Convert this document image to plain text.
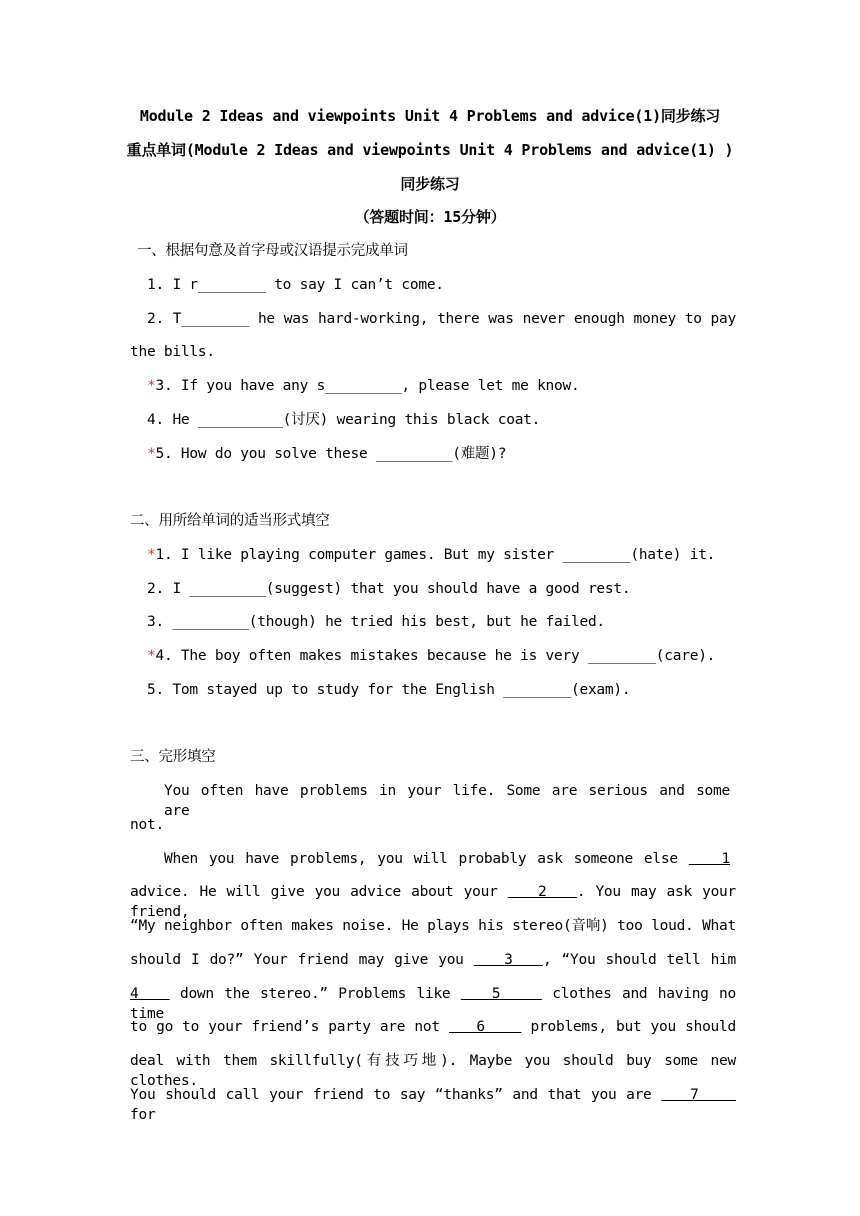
Module 2 Ideas and viewpoints Unit 4 Problems and advice(1)同步练习
重点单词(Module 2 Ideas and viewpoints Unit 4 Problems and advice(1) )
同步练习
（答题时间：15分钟）
一、根据句意及首字母或汉语提示完成单词
1. I r________ to say I can’t come.
2. T________ he was hard-working, there was never enough money to pay
the bills.
*3. If you have any s_________, please let me know.
4. He __________(讨厌) wearing this black coat.
*5. How do you solve these _________(难题)?
二、用所给单词的适当形式填空
*1. I like playing computer games. But my sister ________(hate) it.
2. I _________(suggest) that you should have a good rest.
3. _________(though) he tried his best, but he failed.
*4. The boy often makes mistakes because he is very ________(care).
5. Tom stayed up to study for the English ________(exam).
三、完形填空
You often have problems in your life. Some are serious and some are
not.
When you have problems, you will probably ask someone else    1
advice. He will give you advice about your    2   . You may ask your friend,
“My neighbor often makes noise. He plays his stereo(音响) too loud. What
should I do?” Your friend may give you    3   , “You should tell him
4    down the stereo.” Problems like    5     clothes and having no time
to go to your friend’s party are not    6     problems, but you should
deal with them skillfully(有技巧地). Maybe you should buy some new clothes.
You should call your friend to say “thanks” and that you are    7     for
